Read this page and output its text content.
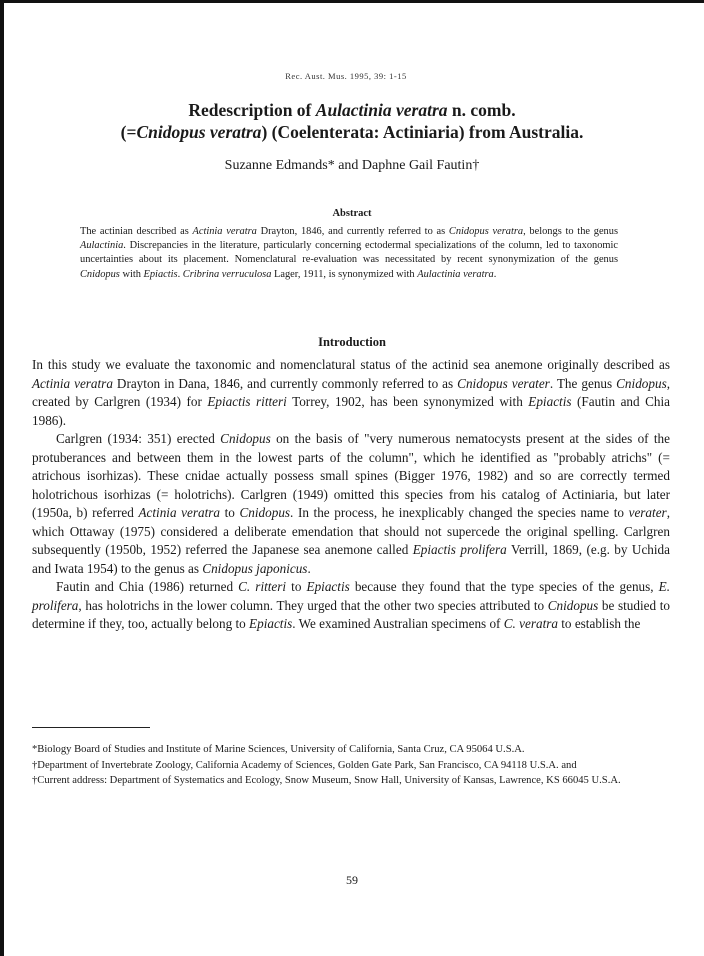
Rec. Aust. Mus. 1995, 39: 1-15
Redescription of Aulactinia veratra n. comb.
(=Cnidopus veratra) (Coelenterata: Actiniaria) from Australia.
Suzanne Edmands* and Daphne Gail Fautin†
Abstract
The actinian described as Actinia veratra Drayton, 1846, and currently referred to as Cnidopus veratra, belongs to the genus Aulactinia. Discrepancies in the literature, particularly concerning ectodermal specializations of the column, led to taxonomic uncertainties about its placement. Nomenclatural re-evaluation was necessitated by recent synonymization of the genus Cnidopus with Epiactis. Cribrina verruculosa Lager, 1911, is synonymized with Aulactinia veratra.
Introduction

In this study we evaluate the taxonomic and nomenclatural status of the actinid sea anemone originally described as Actinia veratra Drayton in Dana, 1846, and currently commonly referred to as Cnidopus verater. The genus Cnidopus, created by Carlgren (1934) for Epiactis ritteri Torrey, 1902, has been synonymized with Epiactis (Fautin and Chia 1986).

Carlgren (1934: 351) erected Cnidopus on the basis of "very numerous nematocysts present at the sides of the protuberances and between them in the lowest parts of the column", which he identified as "probably atrichs" (= atrichous isorhizas). These cnidae actually possess small spines (Bigger 1976, 1982) and so are correctly termed holotrichous isorhizas (= holotrichs). Carlgren (1949) omitted this species from his catalog of Actiniaria, but later (1950a, b) referred Actinia veratra to Cnidopus. In the process, he inexplicably changed the species name to verater, which Ottaway (1975) considered a deliberate emendation that should not supercede the original spelling. Carlgren subsequently (1950b, 1952) referred the Japanese sea anemone called Epiactis prolifera Verrill, 1869, (e.g. by Uchida and Iwata 1954) to the genus as Cnidopus japonicus.

Fautin and Chia (1986) returned C. ritteri to Epiactis because they found that the type species of the genus, E. prolifera, has holotrichs in the lower column. They urged that the other two species attributed to Cnidopus be studied to determine if they, too, actually belong to Epiactis. We examined Australian specimens of C. veratra to establish the

*Biology Board of Studies and Institute of Marine Sciences, University of California, Santa Cruz, CA 95064 U.S.A.

†Department of Invertebrate Zoology, California Academy of Sciences, Golden Gate Park, San Francisco, CA 94118 U.S.A. and

†Current address: Department of Systematics and Ecology, Snow Museum, Snow Hall, University of Kansas, Lawrence, KS 66045 U.S.A.

59
